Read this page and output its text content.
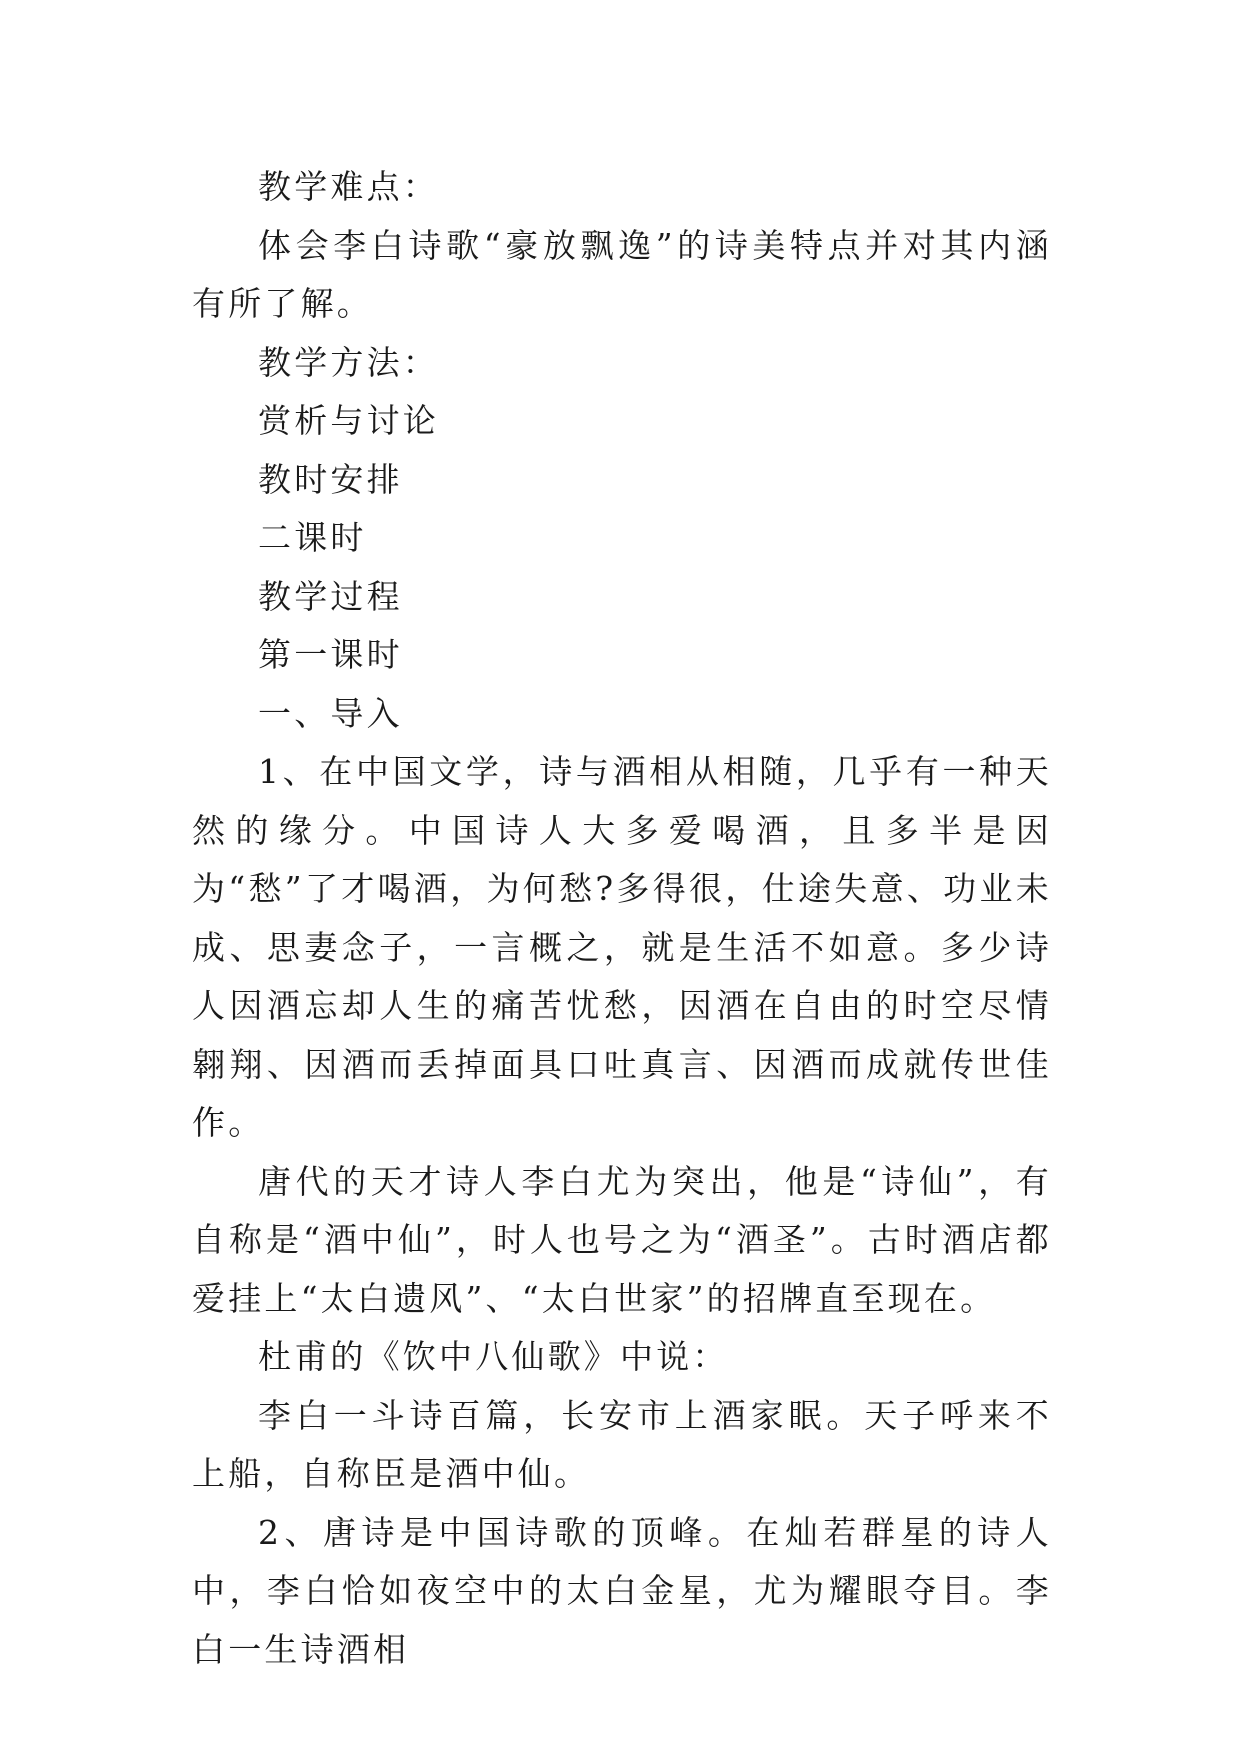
教学难点：

体会李白诗歌“豪放飘逸”的诗美特点并对其内涵有所了解。

教学方法：

赏析与讨论

教时安排

二课时

教学过程

第一课时

一、导入

1、在中国文学，诗与酒相从相随，几乎有一种天然的缘分。中国诗人大多爱喝酒，且多半是因为“愁”了才喝酒，为何愁?多得很，仕途失意、功业未成、思妻念子，一言概之，就是生活不如意。多少诗人因酒忘却人生的痛苦忧愁，因酒在自由的时空尽情翱翔、因酒而丢掉面具口吐真言、因酒而成就传世佳作。

唐代的天才诗人李白尤为突出，他是“诗仙”，有自称是“酒中仙”，时人也号之为“酒圣”。古时酒店都爱挂上“太白遗风”、“太白世家”的招牌直至现在。

杜甫的《饮中八仙歌》中说：

李白一斗诗百篇，长安市上酒家眠。天子呼来不上船，自称臣是酒中仙。

2、唐诗是中国诗歌的顶峰。在灿若群星的诗人中，李白恰如夜空中的太白金星，尤为耀眼夺目。李白一生诗酒相
